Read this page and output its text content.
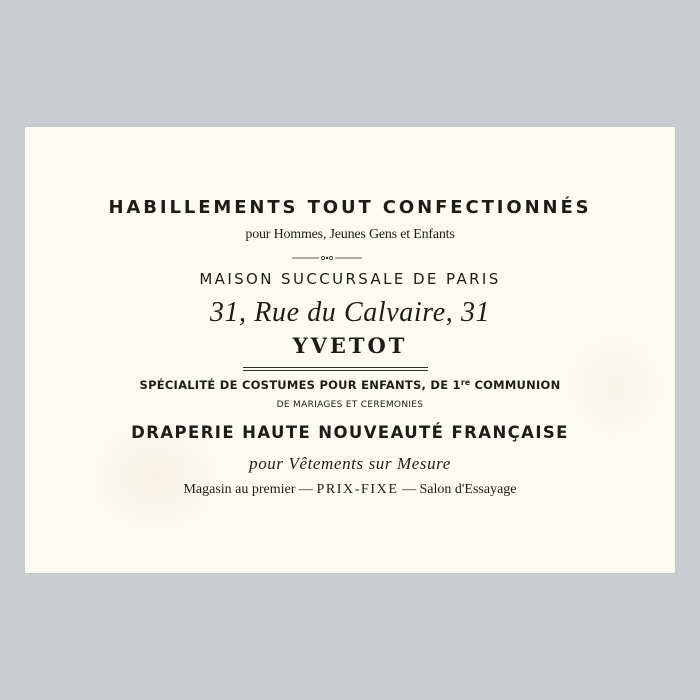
HABILLEMENTS TOUT CONFECTIONNÉS
pour Hommes, Jeunes Gens et Enfants
MAISON SUCCURSALE DE PARIS
31, Rue du Calvaire, 31
YVETOT
SPÉCIALITÉ DE COSTUMES POUR ENFANTS, DE 1re COMMUNION
DE MARIAGES ET CEREMONIES
DRAPERIE HAUTE NOUVEAUTÉ FRANÇAISE
pour Vêtements sur Mesure
Magasin au premier — PRIX-FIXE — Salon d'Essayage
